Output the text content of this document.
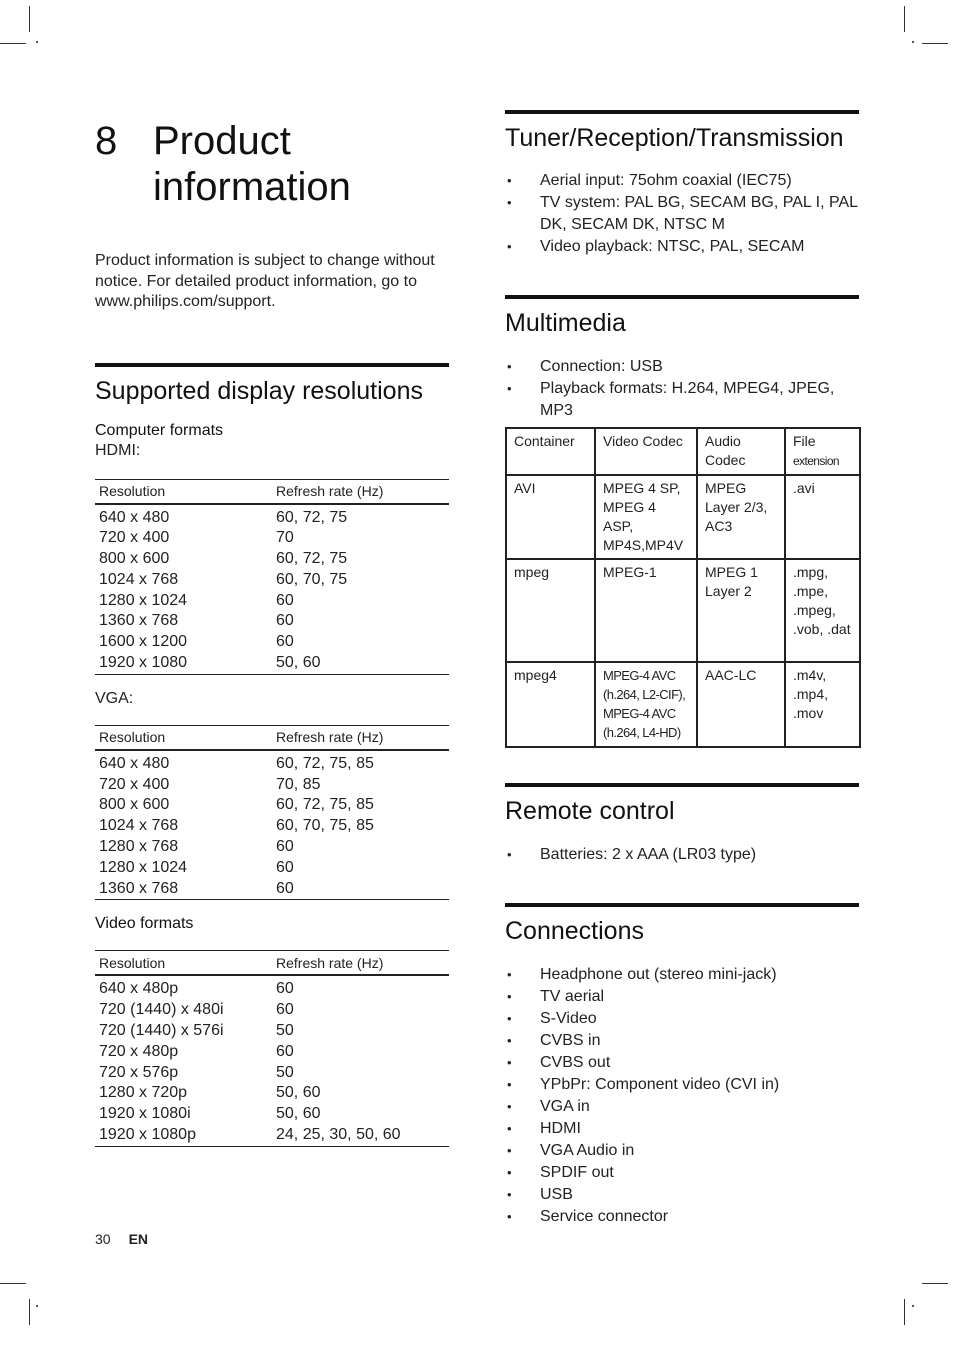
8 Product information
Product information is subject to change without notice. For detailed product information, go to www.philips.com/support.
Supported display resolutions
Computer formats
HDMI:
Resolution	Refresh rate (Hz)
640 x 480	60, 72, 75
720 x 400	70
800 x 600	60, 72, 75
1024 x 768	60, 70, 75
1280 x 1024	60
1360 x 768	60
1600 x 1200	60
1920 x 1080	50, 60
VGA:
Resolution	Refresh rate (Hz)
640 x 480	60, 72, 75, 85
720 x 400	70, 85
800 x 600	60, 72, 75, 85
1024 x 768	60, 70, 75, 85
1280 x 768	60
1280 x 1024	60
1360 x 768	60
Video formats
Resolution	Refresh rate (Hz)
640 x 480p	60
720 (1440) x 480i	60
720 (1440) x 576i	50
720 x 480p	60
720 x 576p	50
1280 x 720p	50, 60
1920 x 1080i	50, 60
1920 x 1080p	24, 25, 30, 50, 60
Tuner/Reception/Transmission
• Aerial input: 75ohm coaxial (IEC75)
• TV system: PAL BG, SECAM BG, PAL I, PAL DK, SECAM DK, NTSC M
• Video playback: NTSC, PAL, SECAM
Multimedia
• Connection: USB
• Playback formats: H.264, MPEG4, JPEG, MP3
Container	Video Codec	Audio Codec	File
extension
AVI	MPEG 4 SP, MPEG 4 ASP, MP4S,MP4V	MPEG Layer 2/3, AC3	.avi
mpeg	MPEG-1	MPEG 1 Layer 2	.mpg, .mpe, .mpeg, .vob, .dat
mpeg4	MPEG-4 AVC (h.264, L2-CIF), MPEG-4 AVC (h.264, L4-HD)	AAC-LC	.m4v, .mp4, .mov
Remote control
• Batteries: 2 x AAA (LR03 type)
Connections
• Headphone out (stereo mini-jack)
• TV aerial
• S-Video
• CVBS in
• CVBS out
• YPbPr: Component video (CVI in)
• VGA in
• HDMI
• VGA Audio in
• SPDIF out
• USB
• Service connector
30 EN
